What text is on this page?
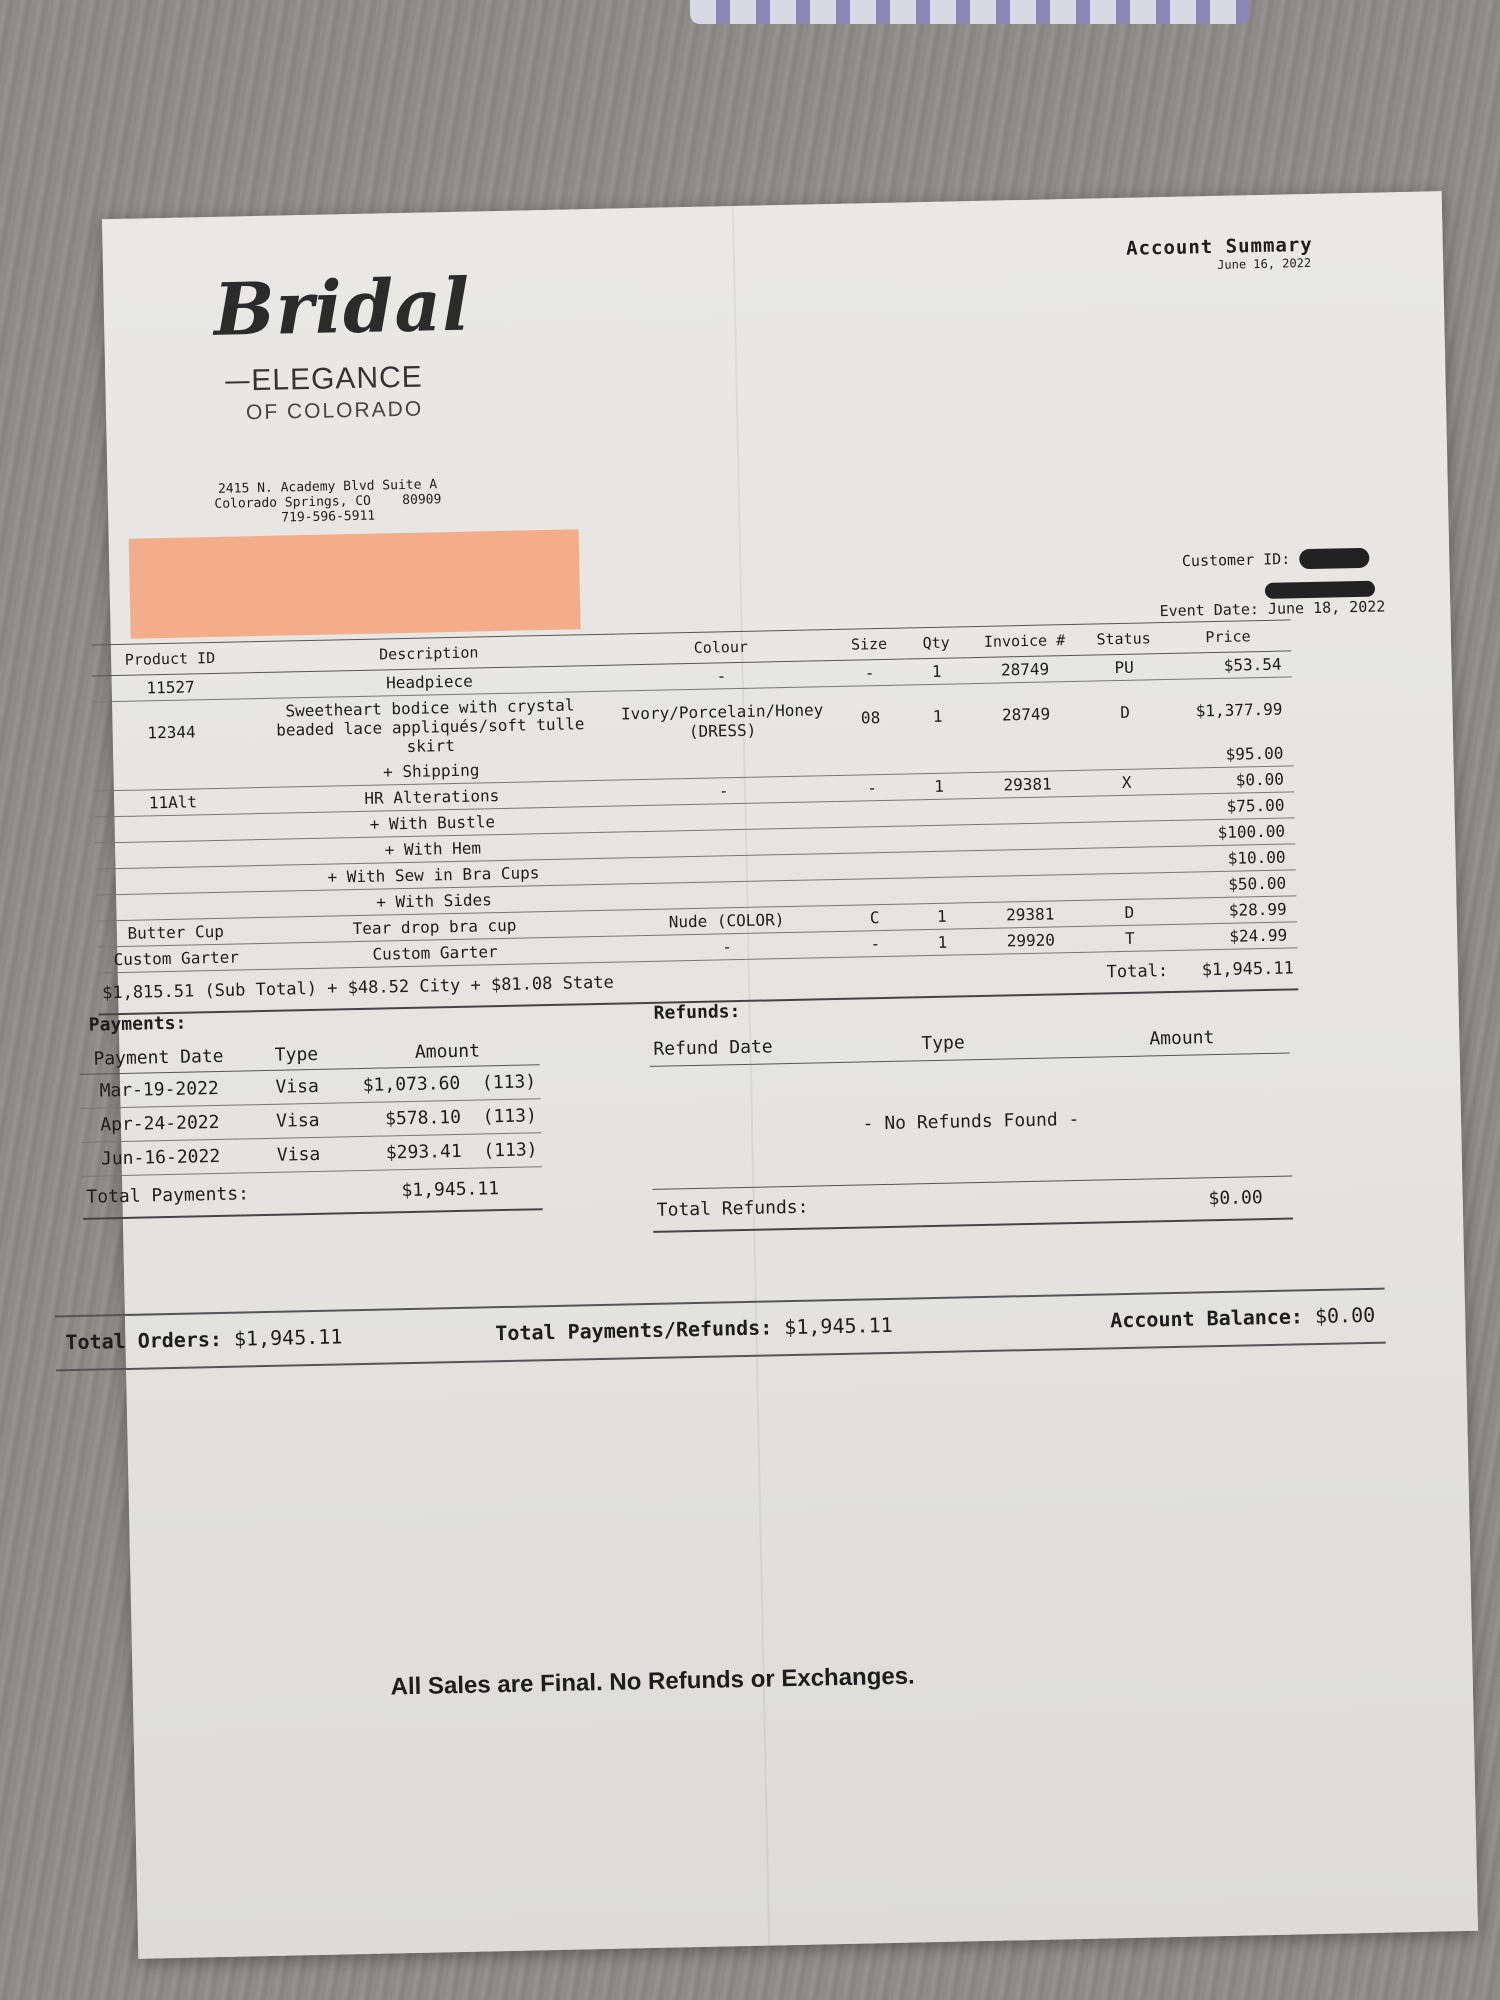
Account Summary
June 16, 2022
Bridal
ELEGANCE
OF COLORADO
2415 N. Academy Blvd Suite A
Colorado Springs, CO    80909
719-596-5911
Customer ID:
Event Date: June 18, 2022
Product ID	Description	Colour	Size	Qty	Invoice #	Status	Price
11527	Headpiece	-	-	1	28749	PU	$53.54
12344	Sweetheart bodice with crystal beaded lace appliqués/soft tulle skirt	Ivory/Porcelain/Honey (DRESS)	08	1	28749	D	$1,377.99
	+ Shipping						$95.00
11Alt	HR Alterations	-	-	1	29381	X	$0.00
	+ With Bustle						$75.00
	+ With Hem						$100.00
	+ With Sew in Bra Cups						$10.00
	+ With Sides						$50.00
Butter Cup	Tear drop bra cup	Nude (COLOR)	C	1	29381	D	$28.99
Custom Garter	Custom Garter	-	-	1	29920	T	$24.99
$1,815.51 (Sub Total) + $48.52 City + $81.08 State						Total:	$1,945.11
Payments:
Payment Date	Type	Amount
Mar-19-2022	Visa	$1,073.60  (113)
Apr-24-2022	Visa	$578.10  (113)
Jun-16-2022	Visa	$293.41  (113)
Total Payments:		$1,945.11
Refunds:
Refund Date	Type	Amount
- No Refunds Found -		
Total Refunds:		$0.00
Total Orders: $1,945.11	Total Payments/Refunds: $1,945.11	Account Balance: $0.00
All Sales are Final. No Refunds or Exchanges.
